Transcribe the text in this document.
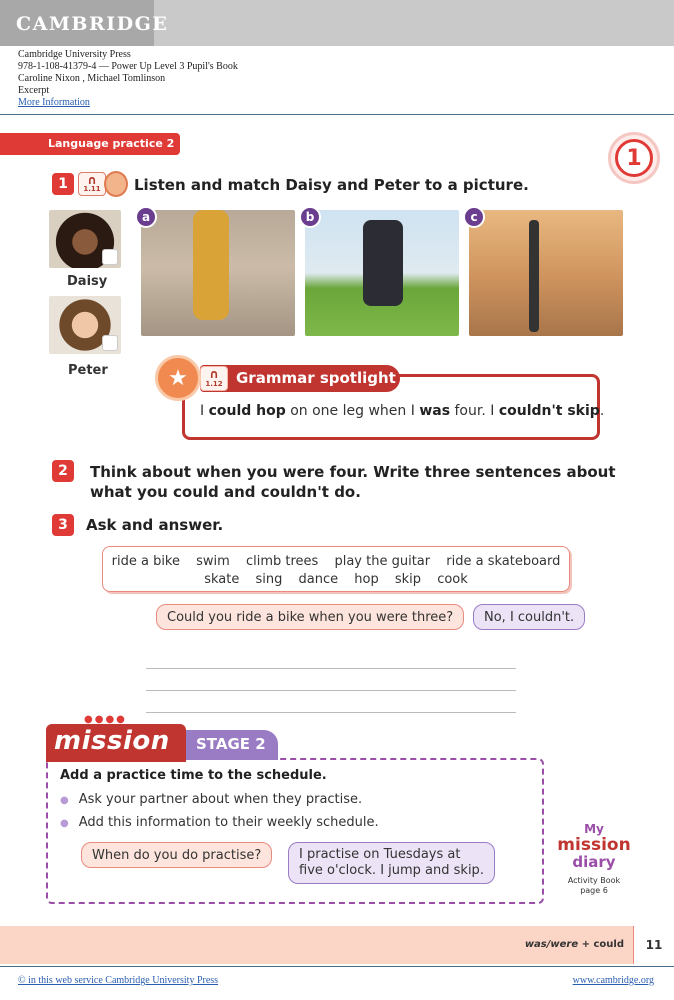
CAMBRIDGE
Cambridge University Press
978-1-108-41379-4 — Power Up Level 3 Pupil's Book
Caroline Nixon , Michael Tomlinson
Excerpt
More Information
Language practice 2
1
1
∩	1.11	Listen and match Daisy and Peter to a picture.
Daisy
Peter
a	b	c
Grammar spotlight
∩ 1.12
★
I could hop on one leg when I was four. I couldn't skip.
2	Think about when you were four. Write three sentences about
what you could and couldn't do.
3	Ask and answer.
ride a bike swim climb trees play the guitar ride a skateboard
skate sing dance hop skip cook
Could you ride a bike when you were three?	No, I couldn't.
●●●●
mission	STAGE 2
Add a practice time to the schedule.
● Ask your partner about when they practise.
● Add this information to their weekly schedule.
When do you do practise?	I practise on Tuesdays at
five o'clock. I jump and skip.
My
mission
diary
Activity Book
page 6
was/were + could	11
© in this web service Cambridge University Press	www.cambridge.org
